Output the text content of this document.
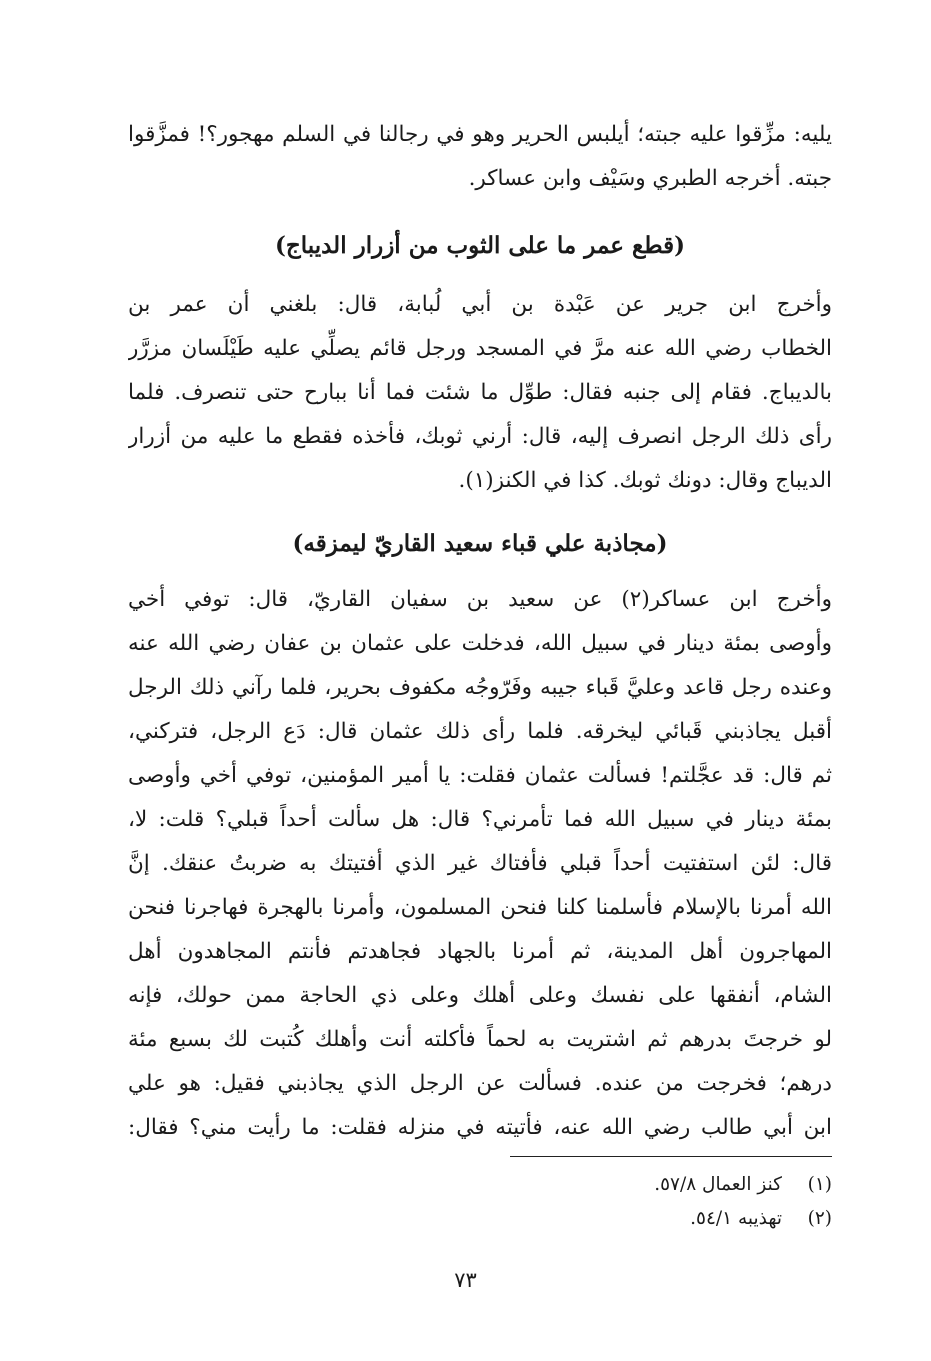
يليه: مزِّقوا عليه جبته؛ أيلبس الحرير وهو في رجالنا في السلم مهجور؟! فمزَّقوا
جبته. أخرجه الطبري وسَيْف وابن عساكر.
(قطع عمر ما على الثوب من أزرار الديباج)
وأخرج ابن جرير عن عَبْدة بن أبي لُبابة، قال: بلغني أن عمر بن
الخطاب رضي الله عنه مرَّ في المسجد ورجل قائم يصلِّي عليه طَيْلَسان مزرَّر
بالديباج. فقام إلى جنبه فقال: طوِّل ما شئت فما أنا ببارح حتى تنصرف. فلما
رأى ذلك الرجل انصرف إليه، قال: أرني ثوبك، فأخذه فقطع ما عليه من أزرار
الديباج وقال: دونك ثوبك. كذا في الكنز(١).
(مجاذبة علي قباء سعيد القاريّ ليمزقه)
وأخرج ابن عساكر(٢) عن سعيد بن سفيان القاريّ، قال: توفي أخي
وأوصى بمئة دينار في سبيل الله، فدخلت على عثمان بن عفان رضي الله عنه
وعنده رجل قاعد وعليَّ قَباء جيبه وفَرّوجُه مكفوف بحرير، فلما رآني ذلك الرجل
أقبل يجاذبني قَبائي ليخرقه. فلما رأى ذلك عثمان قال: دَع الرجل، فتركني،
ثم قال: قد عجَّلتم! فسألت عثمان فقلت: يا أمير المؤمنين، توفي أخي وأوصى
بمئة دينار في سبيل الله فما تأمرني؟ قال: هل سألت أحداً قبلي؟ قلت: لا،
قال: لئن استفتيت أحداً قبلي فأفتاك غير الذي أفتيتك به ضربتُ عنقك. إنَّ
الله أمرنا بالإسلام فأسلمنا كلنا فنحن المسلمون، وأمرنا بالهجرة فهاجرنا فنحن
المهاجرون أهل المدينة، ثم أمرنا بالجهاد فجاهدتم فأنتم المجاهدون أهل
الشام، أنفقها على نفسك وعلى أهلك وعلى ذي الحاجة ممن حولك، فإنه
لو خرجتَ بدرهم ثم اشتريت به لحماً فأكلته أنت وأهلك كُتبت لك بسبع مئة
درهم؛ فخرجت من عنده. فسألت عن الرجل الذي يجاذبني فقيل: هو علي
ابن أبي طالب رضي الله عنه، فأتيته في منزله فقلت: ما رأيت مني؟ فقال:
(١)كنز العمال ٥٧/٨.
(٢)تهذيبه ٥٤/١.
٧٣
